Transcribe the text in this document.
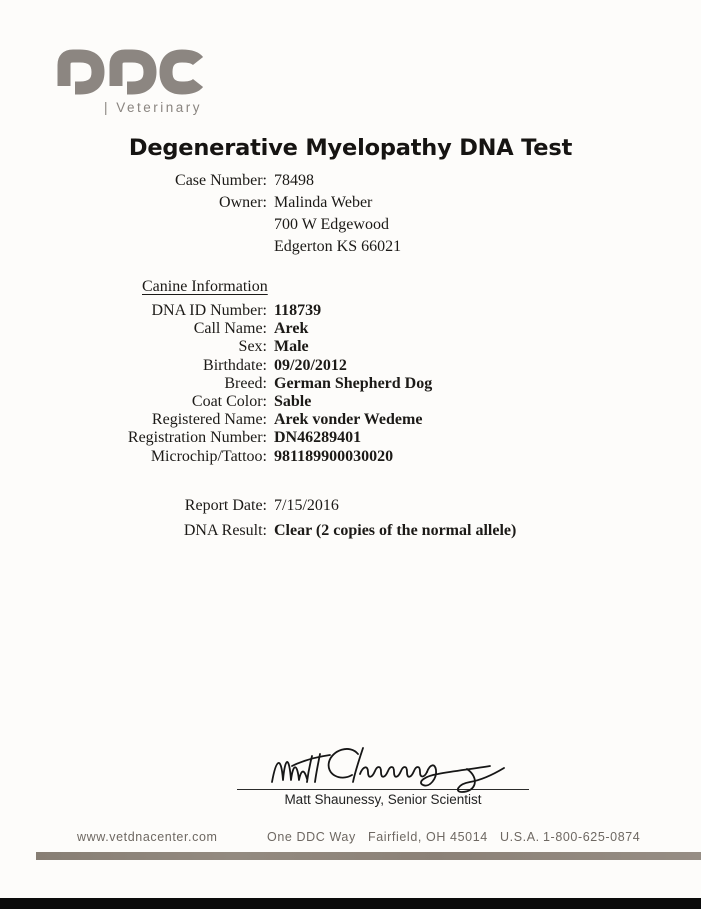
| Veterinary
Degenerative Myelopathy DNA Test
Case Number: 78498
Owner: Malinda Weber
700 W Edgewood
Edgerton KS 66021
Canine Information
DNA ID Number: 118739
Call Name: Arek
Sex: Male
Birthdate: 09/20/2012
Breed: German Shepherd Dog
Coat Color: Sable
Registered Name: Arek vonder Wedeme
Registration Number: DN46289401
Microchip/Tattoo: 981189900030020
Report Date: 7/15/2016
DNA Result: Clear (2 copies of the normal allele)
Matt Shaunessy, Senior Scientist
www.vetdnacenter.com	One DDC Way   Fairfield, OH 45014   U.S.A. 1-800-625-0874
